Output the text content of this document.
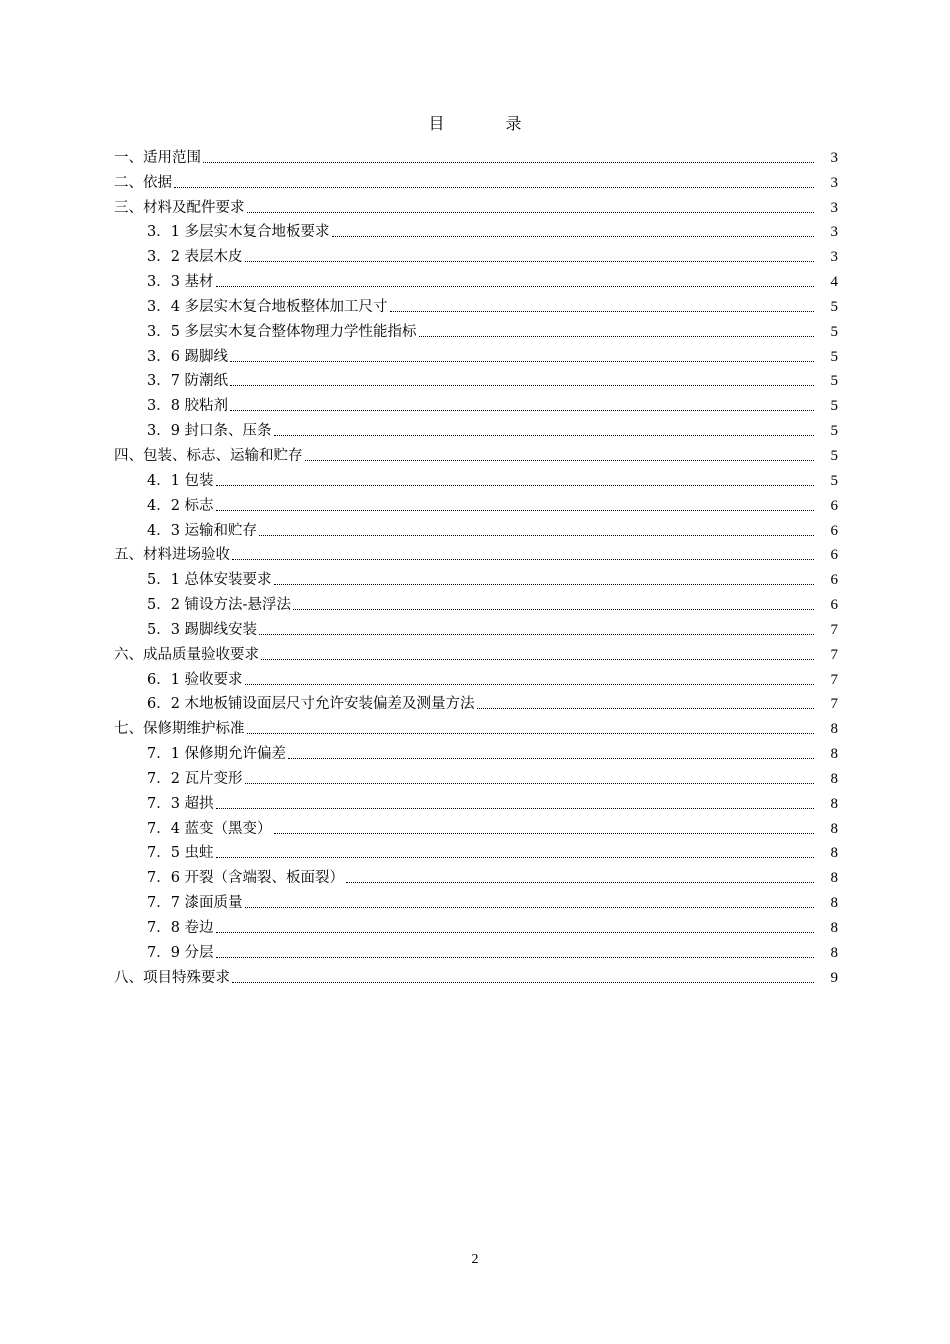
目 录
一、适用范围	3
二、依据	3
三、材料及配件要求	3
3．1 多层实木复合地板要求	3
3．2 表层木皮	3
3．3 基材	4
3．4 多层实木复合地板整体加工尺寸	5
3．5 多层实木复合整体物理力学性能指标	5
3．6 踢脚线	5
3．7 防潮纸	5
3．8 胶粘剂	5
3．9 封口条、压条	5
四、包装、标志、运输和贮存	5
4．1 包装	5
4．2 标志	6
4．3 运输和贮存	6
五、材料进场验收	6
5．1 总体安装要求	6
5．2 铺设方法-悬浮法	6
5．3 踢脚线安装	7
六、成品质量验收要求	7
6．1 验收要求	7
6．2 木地板铺设面层尺寸允许安装偏差及测量方法	7
七、保修期维护标准	8
7．1 保修期允许偏差	8
7．2 瓦片变形	8
7．3 超拱	8
7．4 蓝变（黑变）	8
7．5 虫蛀	8
7．6 开裂（含端裂、板面裂）	8
7．7 漆面质量	8
7．8 卷边	8
7．9 分层	8
八、项目特殊要求	9
2
